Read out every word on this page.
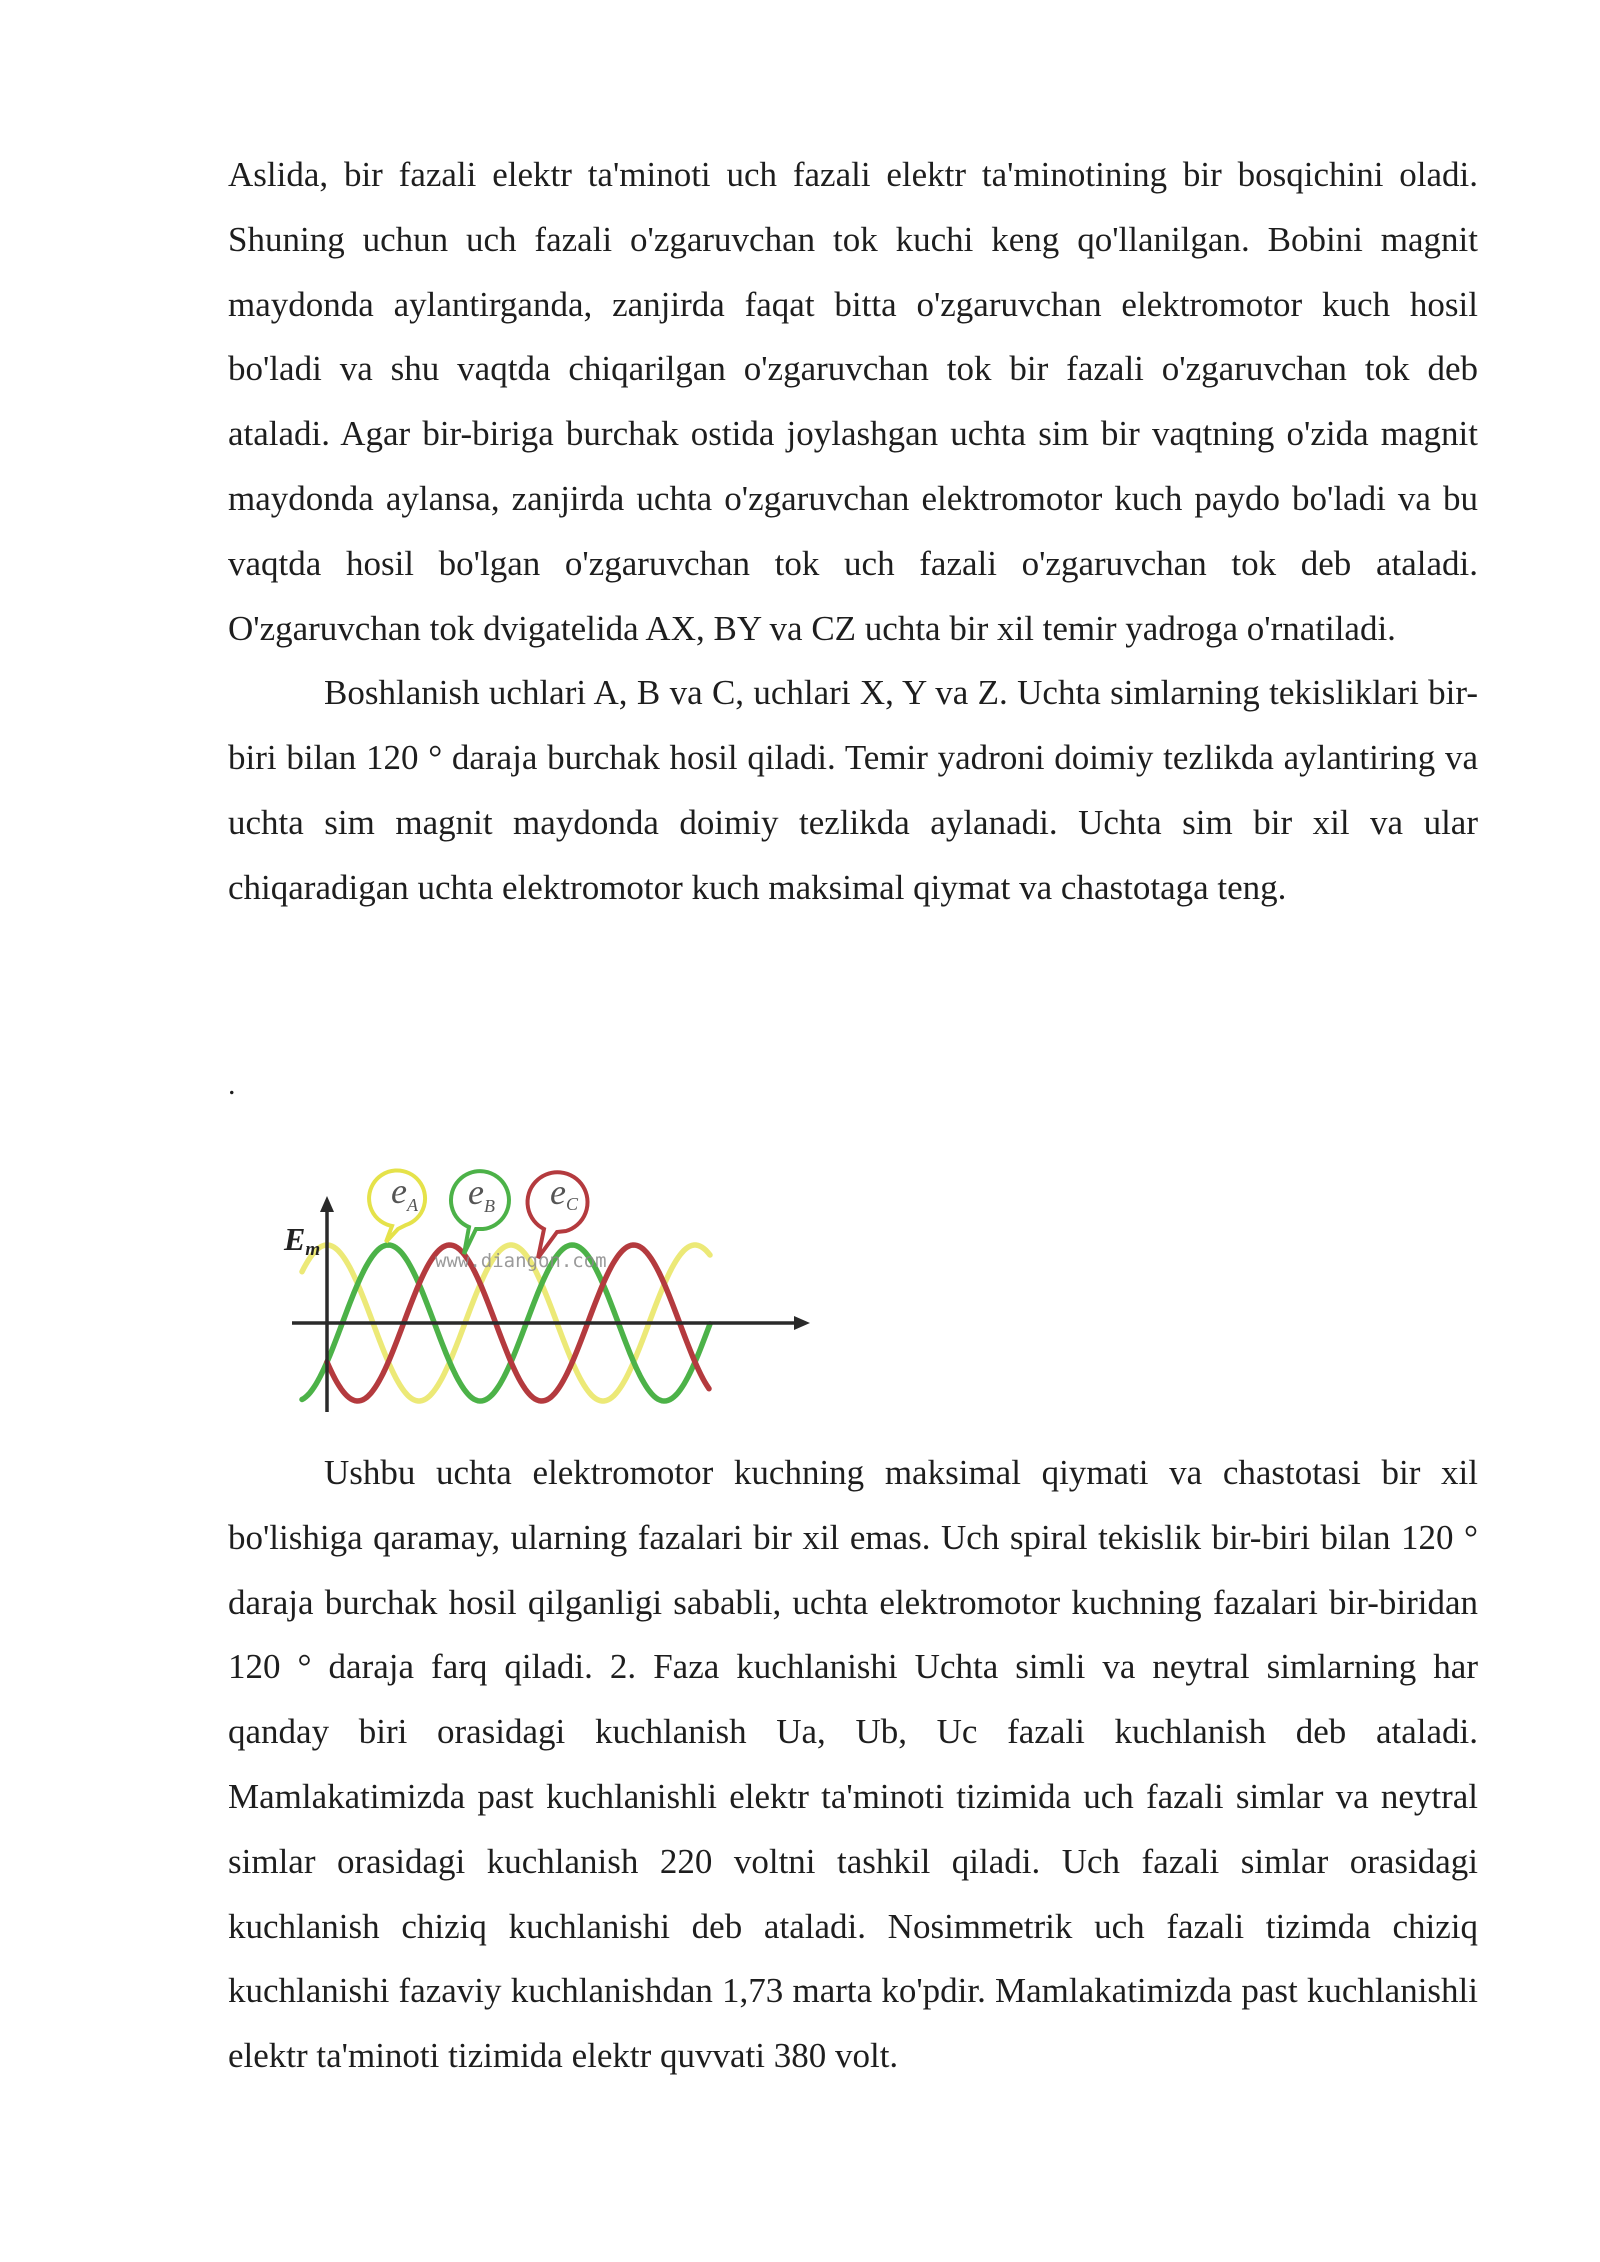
Aslida, bir fazali elektr ta'minoti uch fazali elektr ta'minotining bir bosqichini oladi. Shuning uchun uch fazali o'zgaruvchan tok kuchi keng qo'llanilgan. Bobini magnit maydonda aylantirganda, zanjirda faqat bitta o'zgaruvchan elektromotor kuch hosil bo'ladi va shu vaqtda chiqarilgan o'zgaruvchan tok bir fazali o'zgaruvchan tok deb ataladi. Agar bir-biriga burchak ostida joylashgan uchta sim bir vaqtning o'zida magnit maydonda aylansa, zanjirda uchta o'zgaruvchan elektromotor kuch paydo bo'ladi va bu vaqtda hosil bo'lgan o'zgaruvchan tok uch fazali o'zgaruvchan tok deb ataladi. O'zgaruvchan tok dvigatelida AX, BY va CZ uchta bir xil temir yadroga o'rnatiladi.

Boshlanish uchlari A, B va C, uchlari X, Y va Z. Uchta simlarning tekisliklari bir-biri bilan 120 ° daraja burchak hosil qiladi. Temir yadroni doimiy tezlikda aylantiring va uchta sim magnit maydonda doimiy tezlikda aylanadi. Uchta sim bir xil va ular chiqaradigan uchta elektromotor kuch maksimal qiymat va chastotaga teng.

.
www.diangon.com
Em
$e_A$ $e_B$ eC

Ushbu uchta elektromotor kuchning maksimal qiymati va chastotasi bir xil bo'lishiga qaramay, ularning fazalari bir xil emas. Uch spiral tekislik bir-biri bilan 120 ° daraja burchak hosil qilganligi sababli, uchta elektromotor kuchning fazalari bir-biridan 120 ° daraja farq qiladi. 2. Faza kuchlanishi Uchta simli va neytral simlarning har qanday biri orasidagi kuchlanish Ua, Ub, Uc fazali kuchlanish deb ataladi. Mamlakatimizda past kuchlanishli elektr ta'minoti tizimida uch fazali simlar va neytral simlar orasidagi kuchlanish 220 voltni tashkil qiladi. Uch fazali simlar orasidagi kuchlanish chiziq kuchlanishi deb ataladi. Nosimmetrik uch fazali tizimda chiziq kuchlanishi fazaviy kuchlanishdan 1,73 marta ko'pdir. Mamlakatimizda past kuchlanishli elektr ta'minoti tizimida elektr quvvati 380 volt.
